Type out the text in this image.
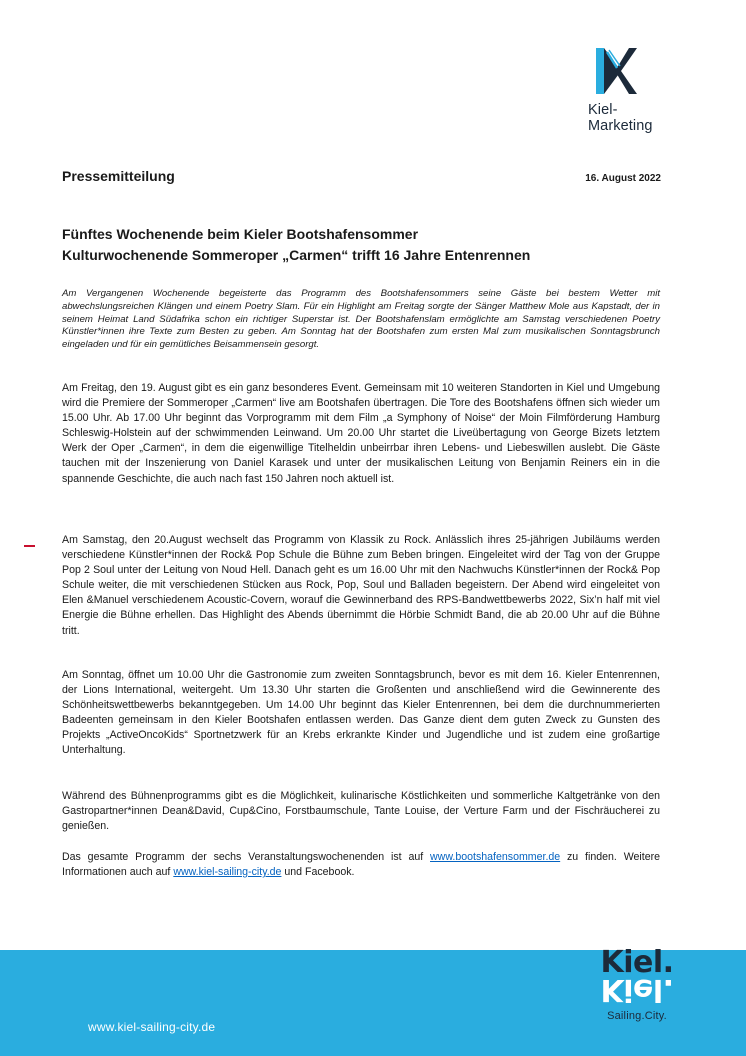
Kiel-Marketing
Pressemitteilung	16. August 2022
Fünftes Wochenende beim Kieler Bootshafensommer
Kulturwochenende Sommeroper „Carmen“ trifft 16 Jahre Entenrennen
Am Vergangenen Wochenende begeisterte das Programm des Bootshafensommers seine Gäste bei bestem Wetter mit abwechslungsreichen Klängen und einem Poetry Slam. Für ein Highlight am Freitag sorgte der Sänger Matthew Mole aus Kapstadt, der in seinem Heimat Land Südafrika schon ein richtiger Superstar ist. Der Bootshafenslam ermöglichte am Samstag verschiedenen Poetry Künstler*innen ihre Texte zum Besten zu geben. Am Sonntag hat der Bootshafen zum ersten Mal zum musikalischen Sonntagsbrunch eingeladen und für ein gemütliches Beisammensein gesorgt.
Am Freitag, den 19. August gibt es ein ganz besonderes Event. Gemeinsam mit 10 weiteren Standorten in Kiel und Umgebung wird die Premiere der Sommeroper „Carmen“ live am Bootshafen übertragen. Die Tore des Bootshafens öffnen sich wieder um 15.00 Uhr. Ab 17.00 Uhr beginnt das Vorprogramm mit dem Film „a Symphony of Noise“ der Moin Filmförderung Hamburg Schleswig-Holstein auf der schwimmenden Leinwand. Um 20.00 Uhr startet die Liveübertagung von George Bizets letztem Werk der Oper „Carmen“, in dem die eigenwillige Titelheldin unbeirrbar ihren Lebens- und Liebeswillen auslebt. Die Gäste tauchen mit der Inszenierung von Daniel Karasek und unter der musikalischen Leitung von Benjamin Reiners ein in die spannende Geschichte, die auch nach fast 150 Jahren noch aktuell ist.
Am Samstag, den 20.August wechselt das Programm von Klassik zu Rock. Anlässlich ihres 25-jährigen Jubiläums werden verschiedene Künstler*innen der Rock& Pop Schule die Bühne zum Beben bringen. Eingeleitet wird der Tag von der Gruppe Pop 2 Soul unter der Leitung von Noud Hell. Danach geht es um 16.00 Uhr mit den Nachwuchs Künstler*innen der Rock& Pop Schule weiter, die mit verschiedenen Stücken aus Rock, Pop, Soul und Balladen begeistern. Der Abend wird eingeleitet von Elen &Manuel verschiedenem Acoustic-Covern, worauf die Gewinnerband des RPS-Bandwettbewerbs 2022, Six’n half mit viel Energie die Bühne erhellen. Das Highlight des Abends übernimmt die Hörbie Schmidt Band, die ab 20.00 Uhr auf die Bühne tritt.
Am Sonntag, öffnet um 10.00 Uhr die Gastronomie zum zweiten Sonntagsbrunch, bevor es mit dem 16. Kieler Entenrennen, der Lions International, weitergeht. Um 13.30 Uhr starten die Großenten und anschließend wird die Gewinnerente des Schönheitswettbewerbs bekanntgegeben. Um 14.00 Uhr beginnt das Kieler Entenrennen, bei dem die durchnummerierten Badeenten gemeinsam in den Kieler Bootshafen entlassen werden. Das Ganze dient dem guten Zweck zu Gunsten des Projekts „ActiveOncoKids“ Sportnetzwerk für an Krebs erkrankte Kinder und Jugendliche und ist zudem eine großartige Unterhaltung.
Während des Bühnenprogramms gibt es die Möglichkeit, kulinarische Köstlichkeiten und sommerliche Kaltgetränke von den Gastropartner*innen Dean&David, Cup&Cino, Forstbaumschule, Tante Louise, der Verture Farm und der Fischräucherei zu genießen.
Das gesamte Programm der sechs Veranstaltungswochenenden ist auf www.bootshafensommer.de zu finden. Weitere Informationen auch auf www.kiel-sailing-city.de und Facebook.
www.kiel-sailing-city.de
Kiel.
Kiel.
Sailing.City.
